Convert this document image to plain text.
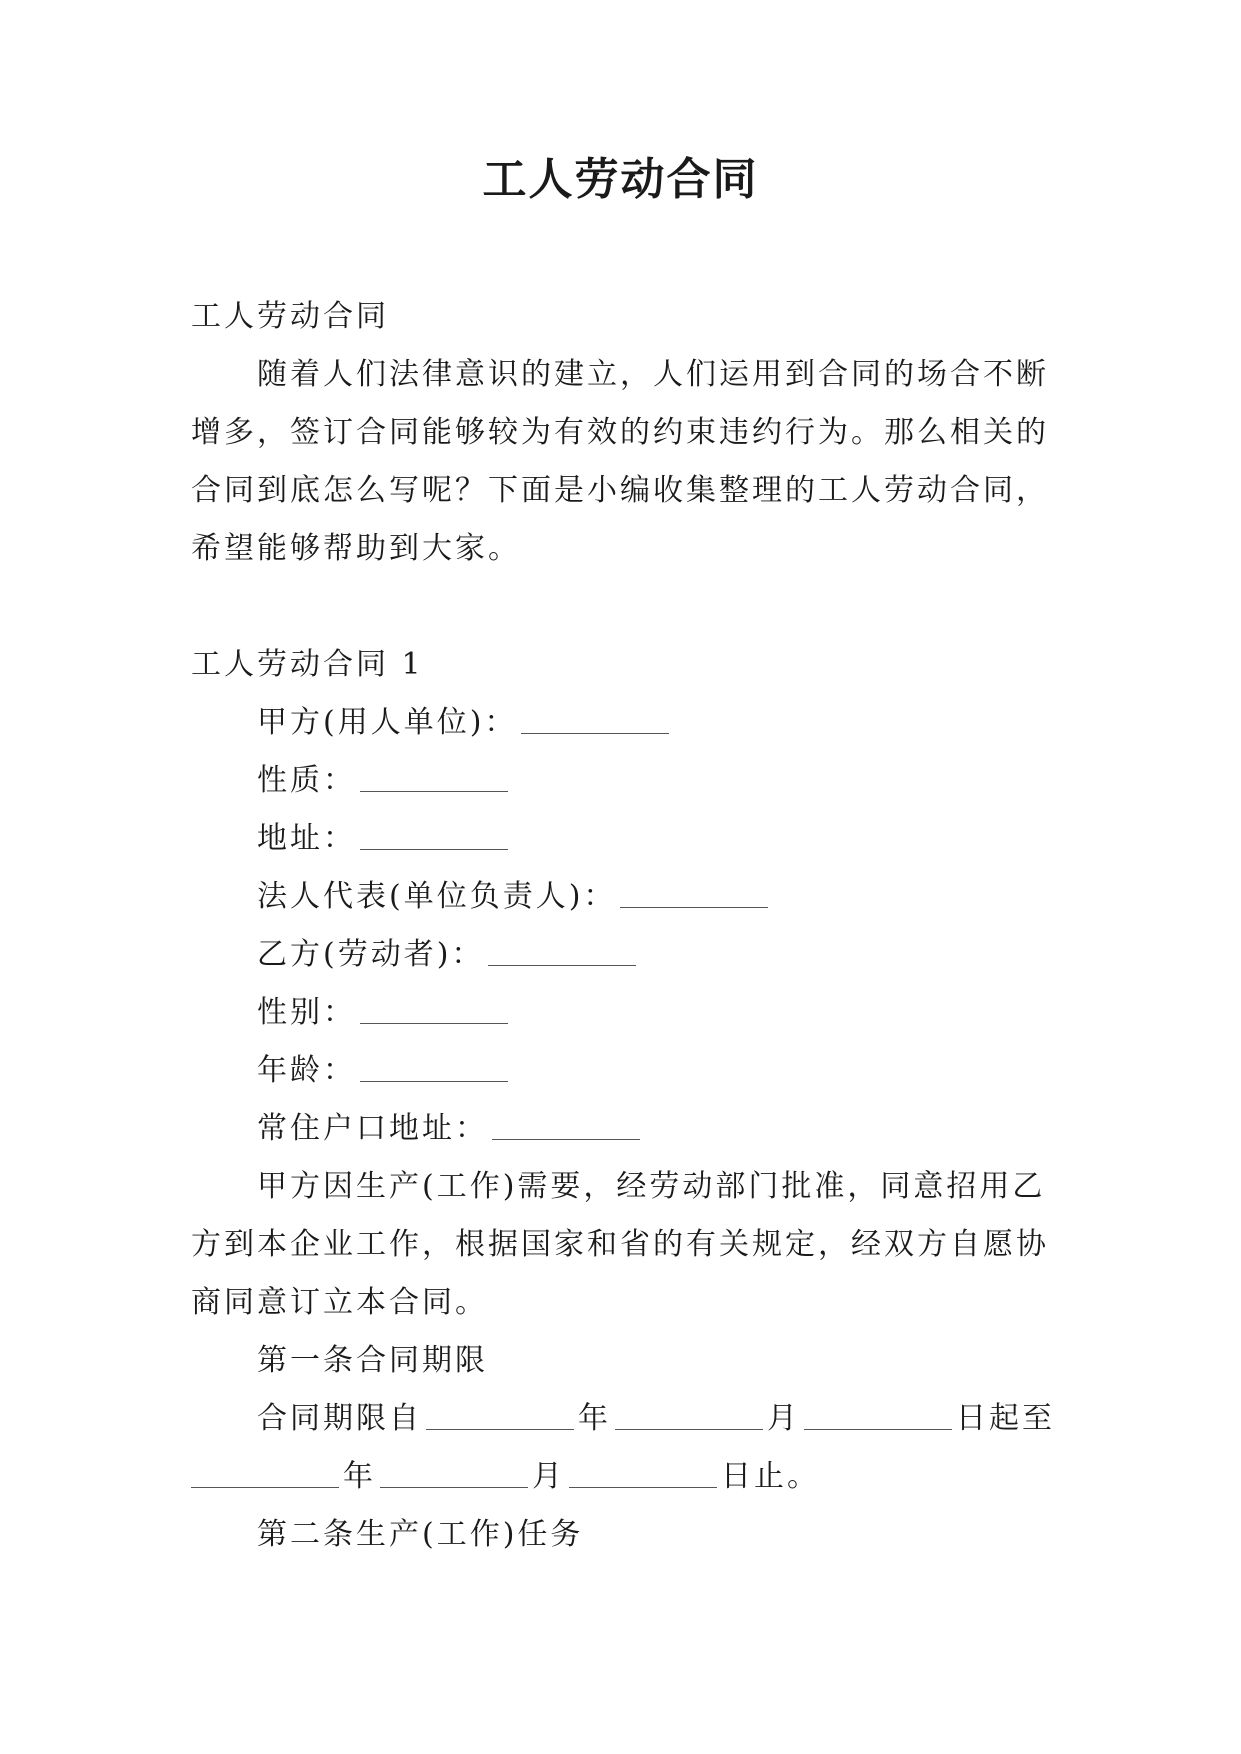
工人劳动合同
工人劳动合同
随着人们法律意识的建立，人们运用到合同的场合不断
增多，签订合同能够较为有效的约束违约行为。那么相关的
合同到底怎么写呢？下面是小编收集整理的工人劳动合同，
希望能够帮助到大家。
工人劳动合同 1
甲方(用人单位)：
性质：
地址：
法人代表(单位负责人)：
乙方(劳动者)：
性别：
年龄：
常住户口地址：
甲方因生产(工作)需要，经劳动部门批准，同意招用乙
方到本企业工作，根据国家和省的有关规定，经双方自愿协
商同意订立本合同。
第一条合同期限
合同期限自	年	月	日起至
年	月	日止。
第二条生产(工作)任务
